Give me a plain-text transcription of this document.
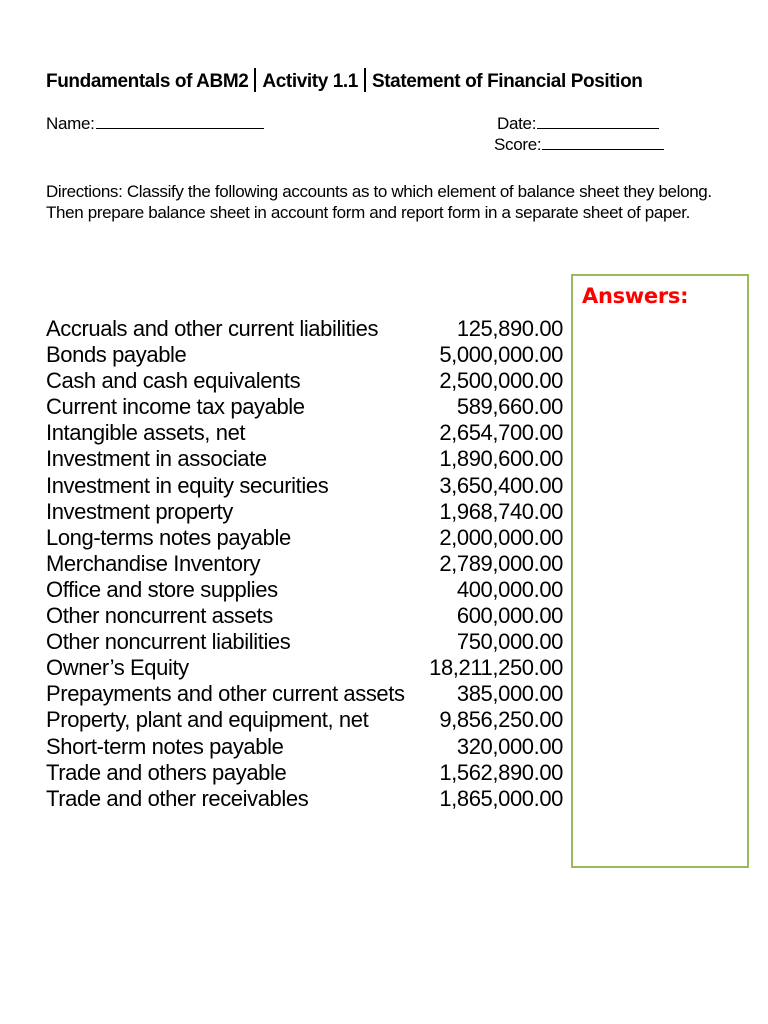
Fundamentals of ABM2 Activity 1.1 Statement of Financial Position
Name:	Date:
Score:
Directions: Classify the following accounts as to which element of balance sheet they belong. Then prepare balance sheet in account form and report form in a separate sheet of paper.
Accruals and other current liabilities	125,890.00
Bonds payable	5,000,000.00
Cash and cash equivalents	2,500,000.00
Current income tax payable	589,660.00
Intangible assets, net	2,654,700.00
Investment in associate	1,890,600.00
Investment in equity securities	3,650,400.00
Investment property	1,968,740.00
Long-terms notes payable	2,000,000.00
Merchandise Inventory	2,789,000.00
Office and store supplies	400,000.00
Other noncurrent assets	600,000.00
Other noncurrent liabilities	750,000.00
Owner’s Equity	18,211,250.00
Prepayments and other current assets 385,000.00
Property, plant and equipment, net	9,856,250.00
Short-term notes payable	320,000.00
Trade and others payable	1,562,890.00
Trade and other receivables	1,865,000.00
Answers:
